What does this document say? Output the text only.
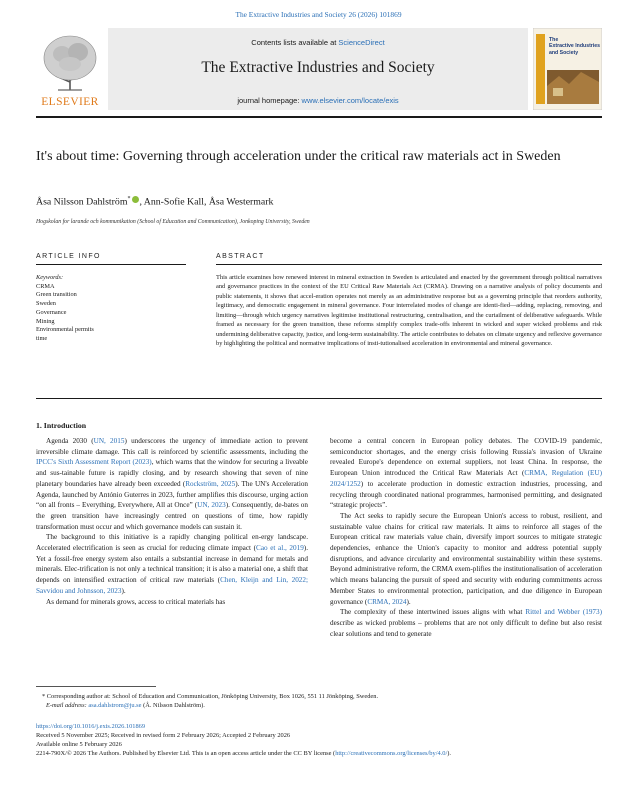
The Extractive Industries and Society 26 (2026) 101869
ELSEVIER
Contents lists available at ScienceDirect
The Extractive Industries and Society
journal homepage: www.elsevier.com/locate/exis
The
Extractive Industries
and Society
It's about time: Governing through acceleration under the critical raw materials act in Sweden
Åsa Nilsson Dahlström* , Ann-Sofie Kall, Åsa Westermark
Hogskolan for larande och kommunikation (School of Education and Communication), Jonkoping University, Sweden
ARTICLE INFO
Keywords:
CRMA
Green transition
Sweden
Governance
Mining
Environmental permits
time
ABSTRACT
This article examines how renewed interest in mineral extraction in Sweden is articulated and enacted by the government through political narratives and governance practices in the context of the EU Critical Raw Materials Act (CRMA). Drawing on a narrative analysis of policy documents and public statements, it shows that accel-eration operates not merely as an administrative response but as a governing principle that reorders authority, legitimacy, and democratic engagement in mineral governance. Four interrelated modes of change are identi-fied—adding, replacing, removing, and limiting—through which urgency narratives legitimise institutional restructuring, centralisation, and the curtailment of deliberative safeguards. While framed as necessary for the green transition, these reforms simplify complex trade-offs inherent in wicked and super wicked problems and risk undermining deliberative capacity, justice, and long-term sustainability. The article contributes to debates on climate urgency and reflexive governance by highlighting the political and normative implications of insti-tutionalised acceleration in environmental and mineral governance.
1. Introduction

Agenda 2030 (UN, 2015) underscores the urgency of immediate action to prevent irreversible climate damage. This call is reinforced by scientific assessments, including the IPCC's Sixth Assessment Report (2023), which warns that the window for securing a liveable and sus-tainable future is rapidly closing, and by research showing that seven of nine planetary boundaries have already been exceeded (Rockström, 2025). The UN's Acceleration Agenda, launched by António Guterres in 2023, further amplifies this discourse, urging action “on all fronts – Everything, Everywhere, All at Once” (UN, 2023). Consequently, de-bates on the green transition have increasingly centred on questions of time, how rapidly transformation must occur and which governance models can sustain it.

The background to this initiative is a rapidly changing political en-ergy landscape. Accelerated electrification is seen as crucial for reducing climate impact (Cao et al., 2019). Yet a fossil-free energy system also entails a substantial increase in demand for metals and minerals. Elec-trification is not only a technical transition; it is also a material one, a shift that depends on intensified extraction of critical raw materials (Chen, Kleijn and Lin, 2022; Savvidou and Johnsson, 2023).

As demand for minerals grows, access to critical materials has

become a central concern in European policy debates. The COVID-19 pandemic, semiconductor shortages, and the energy crisis following Russia's invasion of Ukraine revealed Europe's dependence on external suppliers, not least China. In response, the European Union introduced the Critical Raw Materials Act (CRMA, Regulation (EU) 2024/1252) to accelerate production in domestic extraction industries, processing, and recycling through coordinated national programmes, harmonised permitting, and designated “strategic projects”.

The Act seeks to rapidly secure the European Union's access to robust, resilient, and sustainable value chains for critical raw materials. It aims to reinforce all stages of the European critical raw materials value chain, diversify import sources to mitigate strategic dependencies, enhance the Union's capacity to monitor and address potential supply disruptions, and advance circularity and environmental sustainability within these systems. Beyond administrative reform, the CRMA exem-plifies the institutionalisation of acceleration which means balancing the pursuit of speed and security with enduring commitments across Member States to environmental protection, participation, and due diligence in European governance (CRMA, 2024).

The complexity of these intertwined issues aligns with what Rittel and Webber (1973) describe as wicked problems – problems that are not only difficult to define but also resist clear solutions and tend to generate

* Corresponding author at: School of Education and Communication, Jönköping University, Box 1026, 551 11 Jönköping, Sweden.
E-mail address: asa.dahlstrom@ju.se (Å. Nilsson Dahlström).
https://doi.org/10.1016/j.exis.2026.101869
Received 5 November 2025; Received in revised form 2 February 2026; Accepted 2 February 2026
Available online 5 February 2026
2214-790X/© 2026 The Authors. Published by Elsevier Ltd. This is an open access article under the CC BY license (http://creativecommons.org/licenses/by/4.0/).
